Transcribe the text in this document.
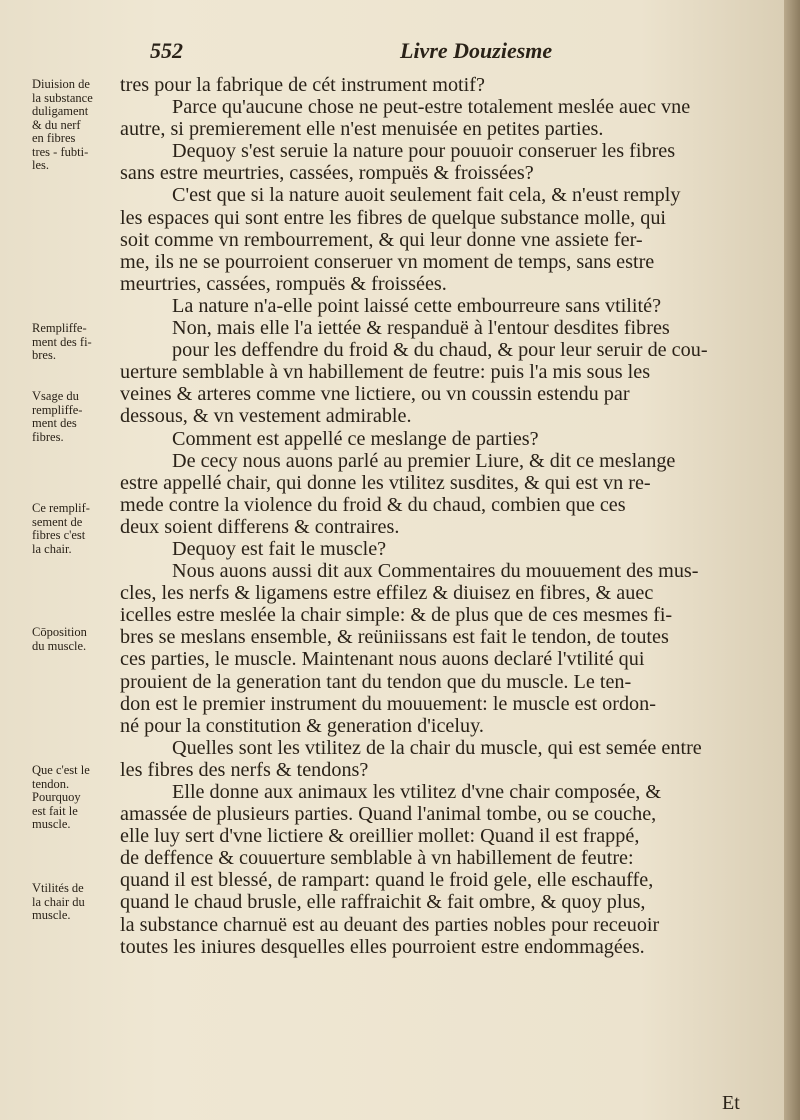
552	Livre Douziesme
Diuision de
la substance
duligament
& du nerf
en fibres
tres - fubti-
les.
Rempliffe-
ment des fi-
bres.
Vsage du
rempliffe-
ment des
fibres.
Ce remplif-
sement de
fibres c'est
la chair.
Cōposition
du muscle.
Que c'est le
tendon.
Pourquoy
est fait le
muscle.
Vtilités de
la chair du
muscle.
tres pour la fabrique de cét instrument motif?
Parce qu'aucune chose ne peut-estre totalement meslée auec vne
autre, si premierement elle n'est menuisée en petites parties.
Dequoy s'est seruie la nature pour pouuoir conseruer les fibres
sans estre meurtries, cassées, rompuës & froissées?
C'est que si la nature auoit seulement fait cela, & n'eust remply
les espaces qui sont entre les fibres de quelque substance molle, qui
soit comme vn rembourrement, & qui leur donne vne assiete fer-
me, ils ne se pourroient conseruer vn moment de temps, sans estre
meurtries, cassées, rompuës & froissées.
La nature n'a-elle point laissé cette embourreure sans vtilité?
Non, mais elle l'a iettée & respanduë à l'entour desdites fibres
pour les deffendre du froid & du chaud, & pour leur seruir de cou-
uerture semblable à vn habillement de feutre: puis l'a mis sous les
veines & arteres comme vne lictiere, ou vn coussin estendu par
dessous, & vn vestement admirable.
Comment est appellé ce meslange de parties?
De cecy nous auons parlé au premier Liure, & dit ce meslange
estre appellé chair, qui donne les vtilitez susdites, & qui est vn re-
mede contre la violence du froid & du chaud, combien que ces
deux soient differens & contraires.
Dequoy est fait le muscle?
Nous auons aussi dit aux Commentaires du mouuement des mus-
cles, les nerfs & ligamens estre effilez & diuisez en fibres, & auec
icelles estre meslée la chair simple: & de plus que de ces mesmes fi-
bres se meslans ensemble, & reüniissans est fait le tendon, de toutes
ces parties, le muscle. Maintenant nous auons declaré l'vtilité qui
prouient de la generation tant du tendon que du muscle. Le ten-
don est le premier instrument du mouuement: le muscle est ordon-
né pour la constitution & generation d'iceluy.
Quelles sont les vtilitez de la chair du muscle, qui est semée entre
les fibres des nerfs & tendons?
Elle donne aux animaux les vtilitez d'vne chair composée, &
amassée de plusieurs parties. Quand l'animal tombe, ou se couche,
elle luy sert d'vne lictiere & oreillier mollet: Quand il est frappé,
de deffence & couuerture semblable à vn habillement de feutre:
quand il est blessé, de rampart: quand le froid gele, elle eschauffe,
quand le chaud brusle, elle raffraichit & fait ombre, & quoy plus,
la substance charnuë est au deuant des parties nobles pour receuoir
toutes les iniures desquelles elles pourroient estre endommagées.
Et
